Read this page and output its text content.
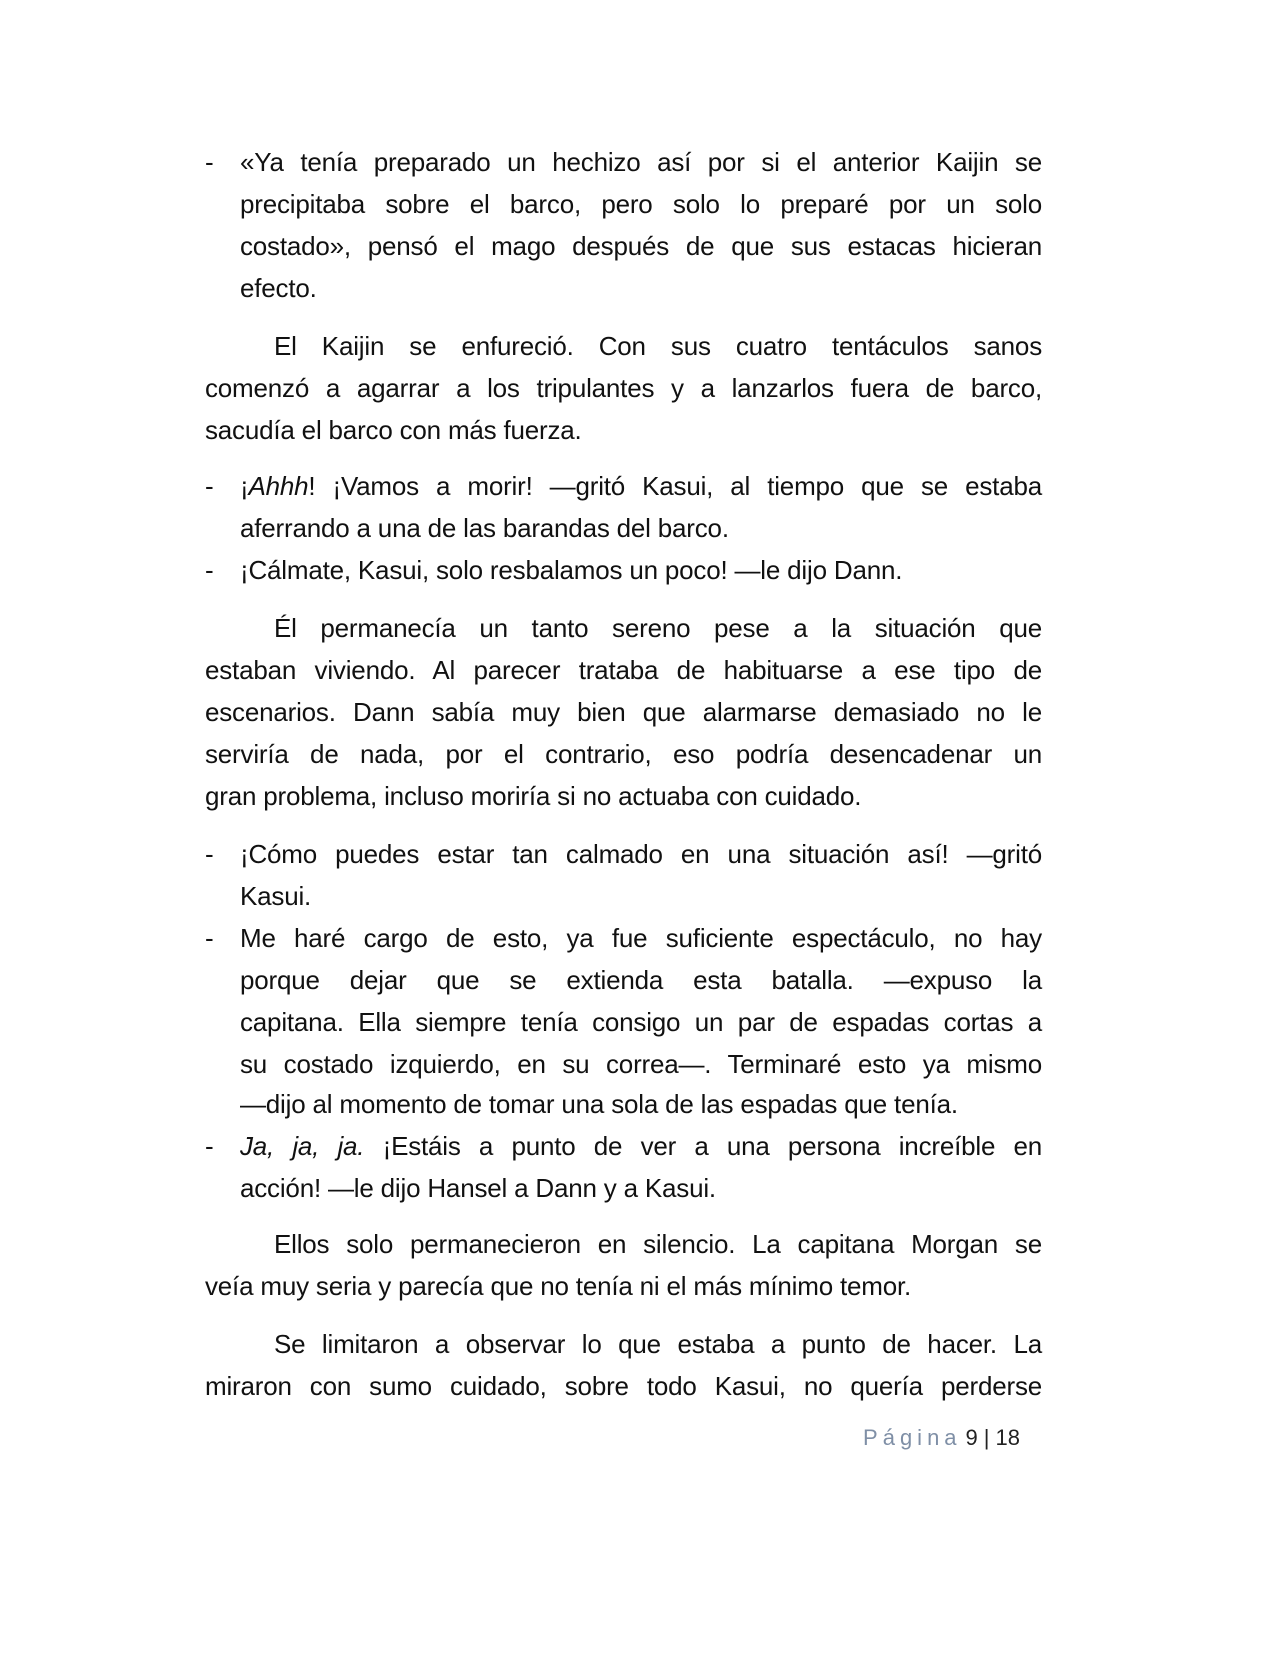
-	«Ya tenía preparado un hechizo así por si el anterior Kaijin se
precipitaba sobre el barco, pero solo lo preparé por un solo
costado», pensó el mago después de que sus estacas hicieran
efecto.
El Kaijin se enfureció. Con sus cuatro tentáculos sanos
comenzó a agarrar a los tripulantes y a lanzarlos fuera de barco,
sacudía el barco con más fuerza.
-	¡Ahhh! ¡Vamos a morir! —gritó Kasui, al tiempo que se estaba
aferrando a una de las barandas del barco.
-	¡Cálmate, Kasui, solo resbalamos un poco! —le dijo Dann.
Él permanecía un tanto sereno pese a la situación que
estaban viviendo. Al parecer trataba de habituarse a ese tipo de
escenarios. Dann sabía muy bien que alarmarse demasiado no le
serviría de nada, por el contrario, eso podría desencadenar un
gran problema, incluso moriría si no actuaba con cuidado.
-	¡Cómo puedes estar tan calmado en una situación así! —gritó
Kasui.
-	Me haré cargo de esto, ya fue suficiente espectáculo, no hay
porque dejar que se extienda esta batalla. —expuso la
capitana. Ella siempre tenía consigo un par de espadas cortas a
su costado izquierdo, en su correa—. Terminaré esto ya mismo
—dijo al momento de tomar una sola de las espadas que tenía.
-	Ja, ja, ja. ¡Estáis a punto de ver a una persona increíble en
acción! —le dijo Hansel a Dann y a Kasui.
Ellos solo permanecieron en silencio. La capitana Morgan se
veía muy seria y parecía que no tenía ni el más mínimo temor.
Se limitaron a observar lo que estaba a punto de hacer. La
miraron con sumo cuidado, sobre todo Kasui, no quería perderse
Página 9 | 18
